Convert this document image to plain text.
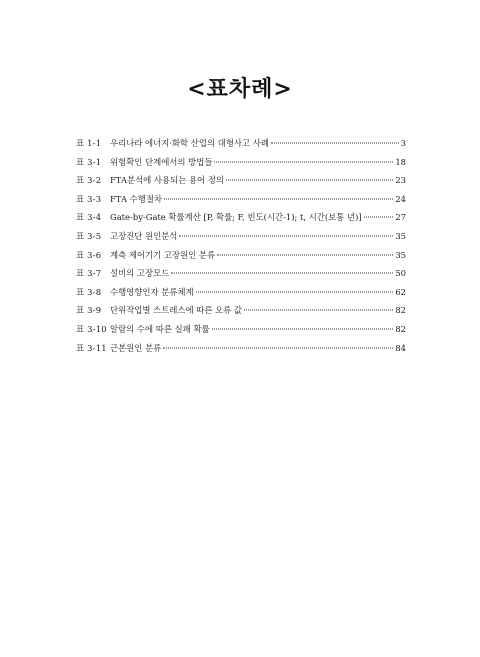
<표차례>
표 1-1	우리나라 에너지·화학 산업의 대형사고 사례	3
표 3-1	위험확인 단계에서의 방법들	18
표 3-2	FTA분석에 사용되는 용어 정의	23
표 3-3	FTA 수행절차	24
표 3-4	Gate-by-Gate 확률계산 [P, 확률; F, 빈도(시간-1); t, 시간(보통 년)]	27
표 3-5	고장진단 원인분석	35
표 3-6	계측 제어기기 고장원인 분류	35
표 3-7	설비의 고장모드	50
표 3-8	수행영향인자 분류체계	62
표 3-9	단위작업별 스트레스에 따른 오류 값	82
표 3-10 알람의 수에 따른 실패 확률	82
표 3-11 근본원인 분류	84
